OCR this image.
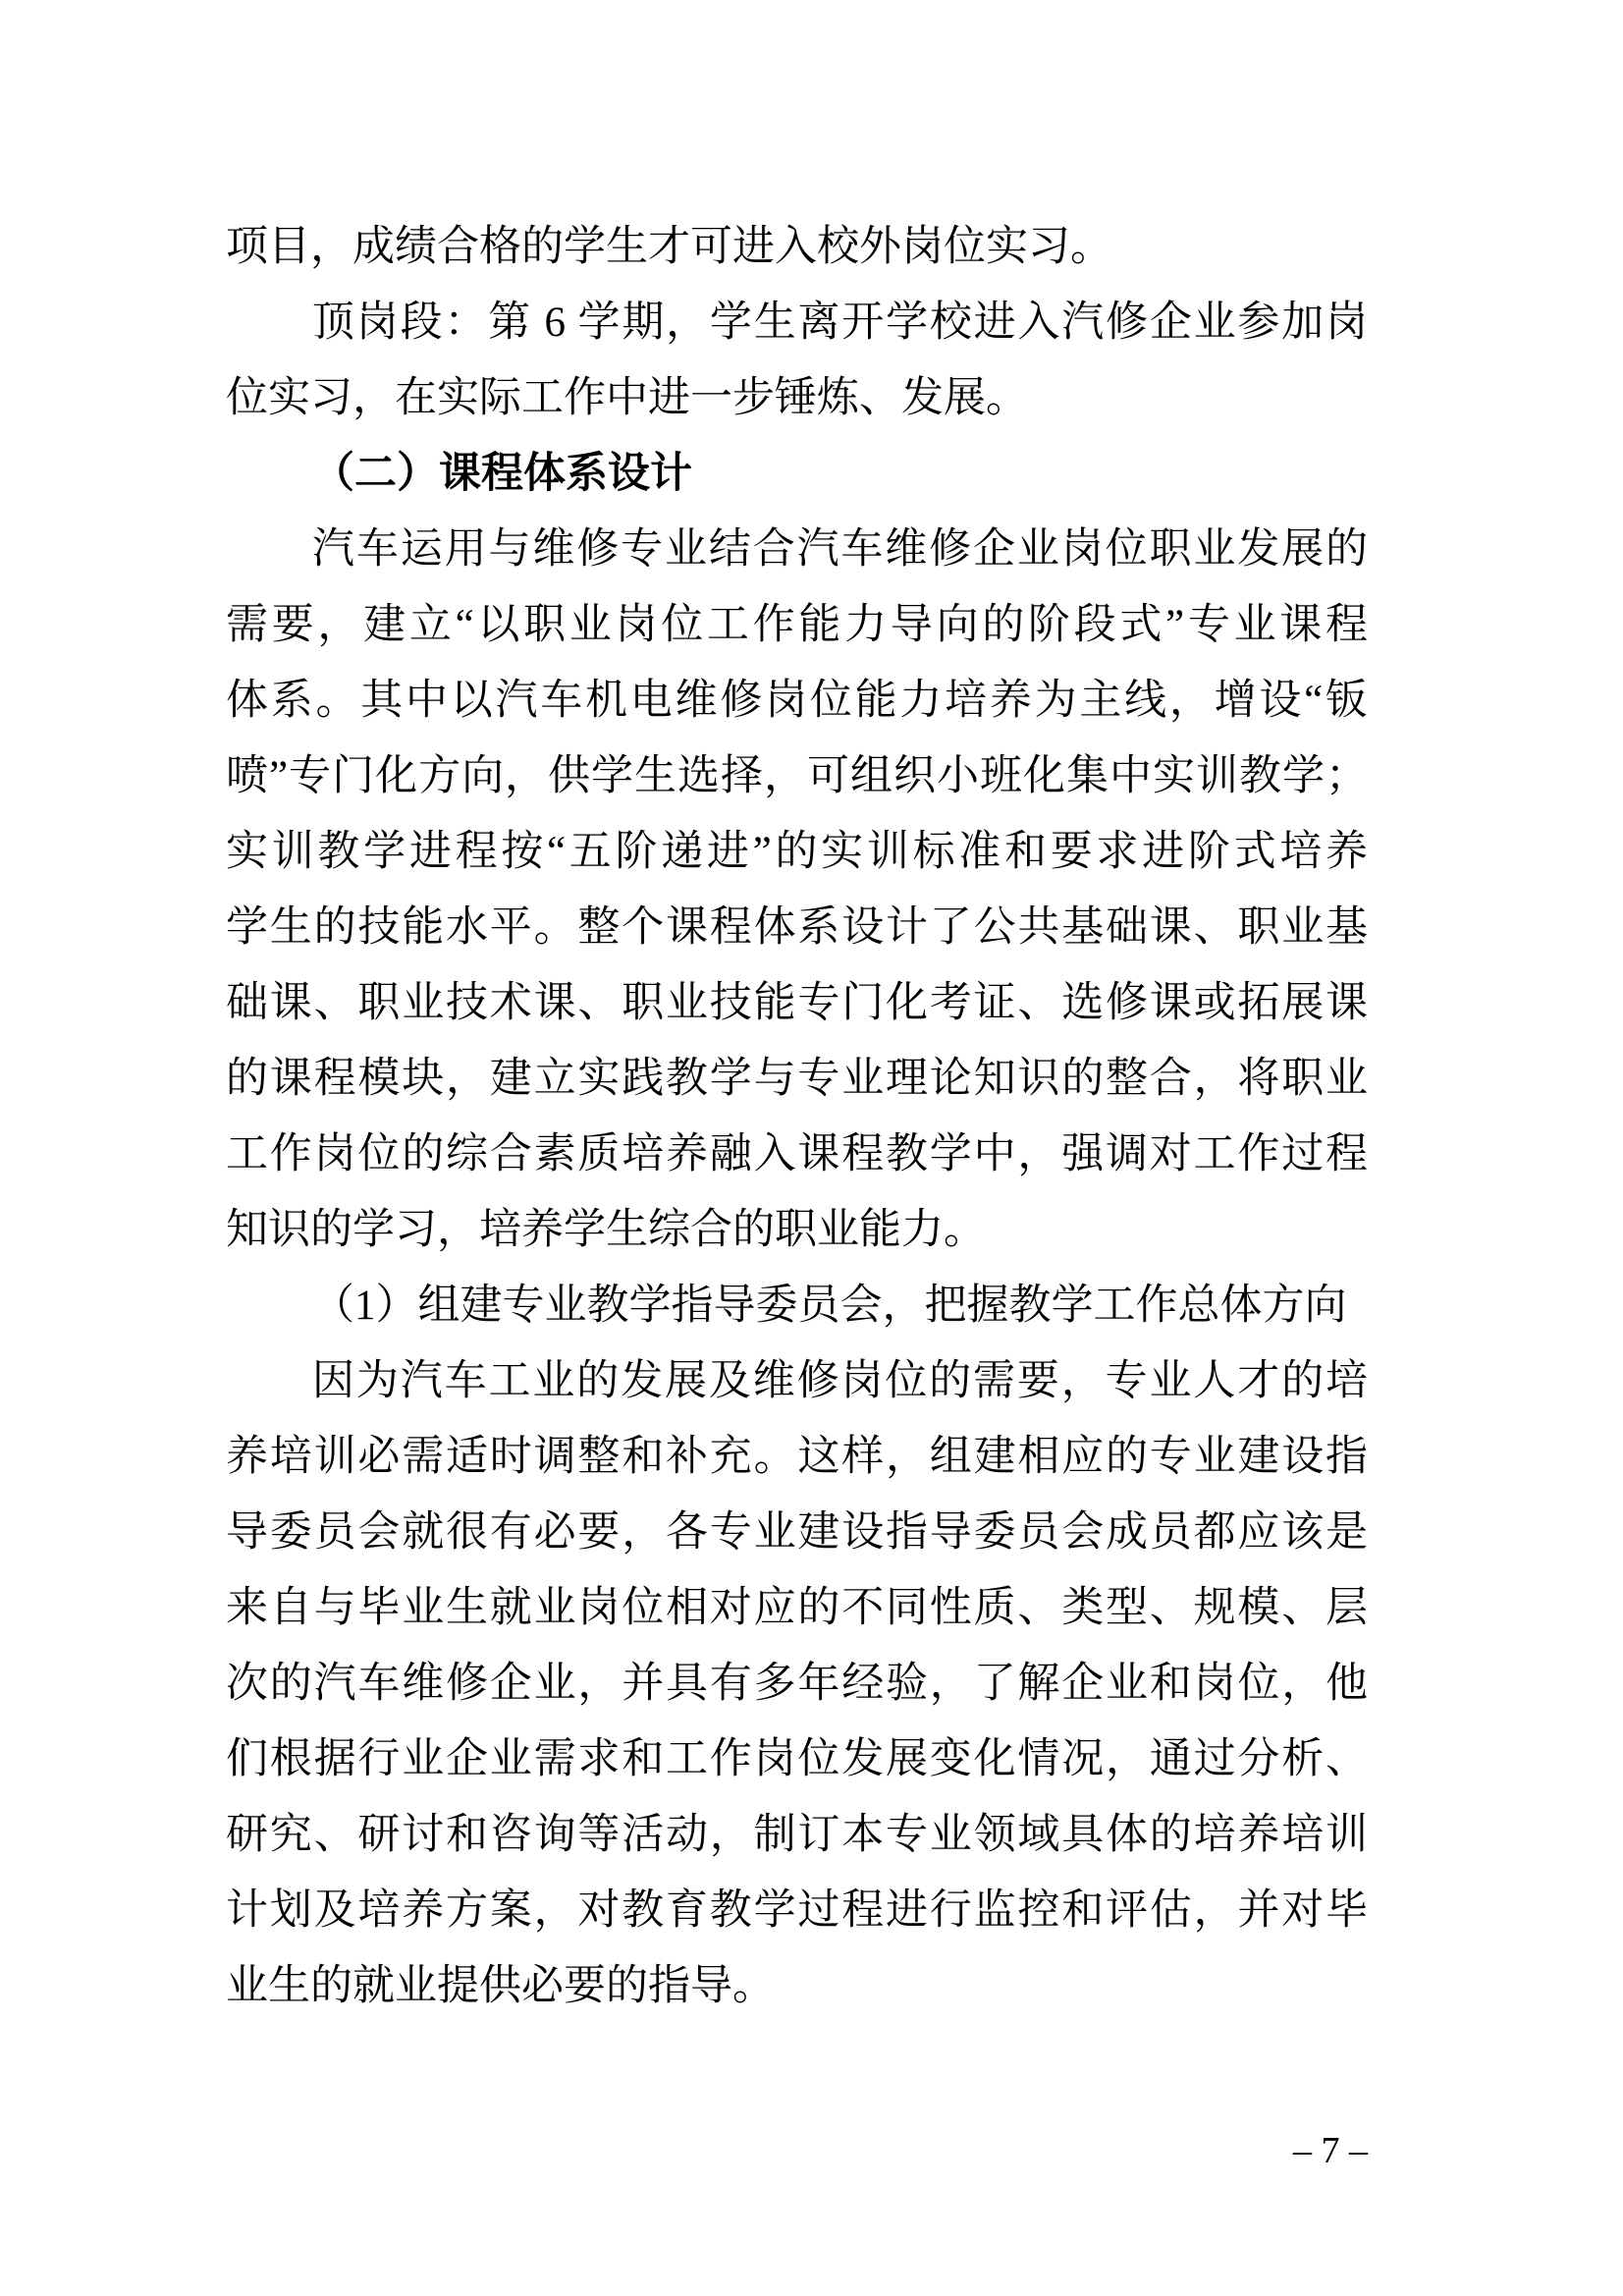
项目，成绩合格的学生才可进入校外岗位实习。

顶岗段：第 6 学期，学生离开学校进入汽修企业参加岗

位实习，在实际工作中进一步锤炼、发展。

（二）课程体系设计

汽车运用与维修专业结合汽车维修企业岗位职业发展的

需要，建立“以职业岗位工作能力导向的阶段式”专业课程

体系。其中以汽车机电维修岗位能力培养为主线，增设“钣

喷”专门化方向，供学生选择，可组织小班化集中实训教学；

实训教学进程按“五阶递进”的实训标准和要求进阶式培养

学生的技能水平。整个课程体系设计了公共基础课、职业基

础课、职业技术课、职业技能专门化考证、选修课或拓展课

的课程模块，建立实践教学与专业理论知识的整合，将职业

工作岗位的综合素质培养融入课程教学中，强调对工作过程

知识的学习，培养学生综合的职业能力。

（1）组建专业教学指导委员会，把握教学工作总体方向

因为汽车工业的发展及维修岗位的需要，专业人才的培

养培训必需适时调整和补充。这样，组建相应的专业建设指

导委员会就很有必要，各专业建设指导委员会成员都应该是

来自与毕业生就业岗位相对应的不同性质、类型、规模、层

次的汽车维修企业，并具有多年经验，了解企业和岗位，他

们根据行业企业需求和工作岗位发展变化情况，通过分析、

研究、研讨和咨询等活动，制订本专业领域具体的培养培训

计划及培养方案，对教育教学过程进行监控和评估，并对毕

业生的就业提供必要的指导。

– 7 –
